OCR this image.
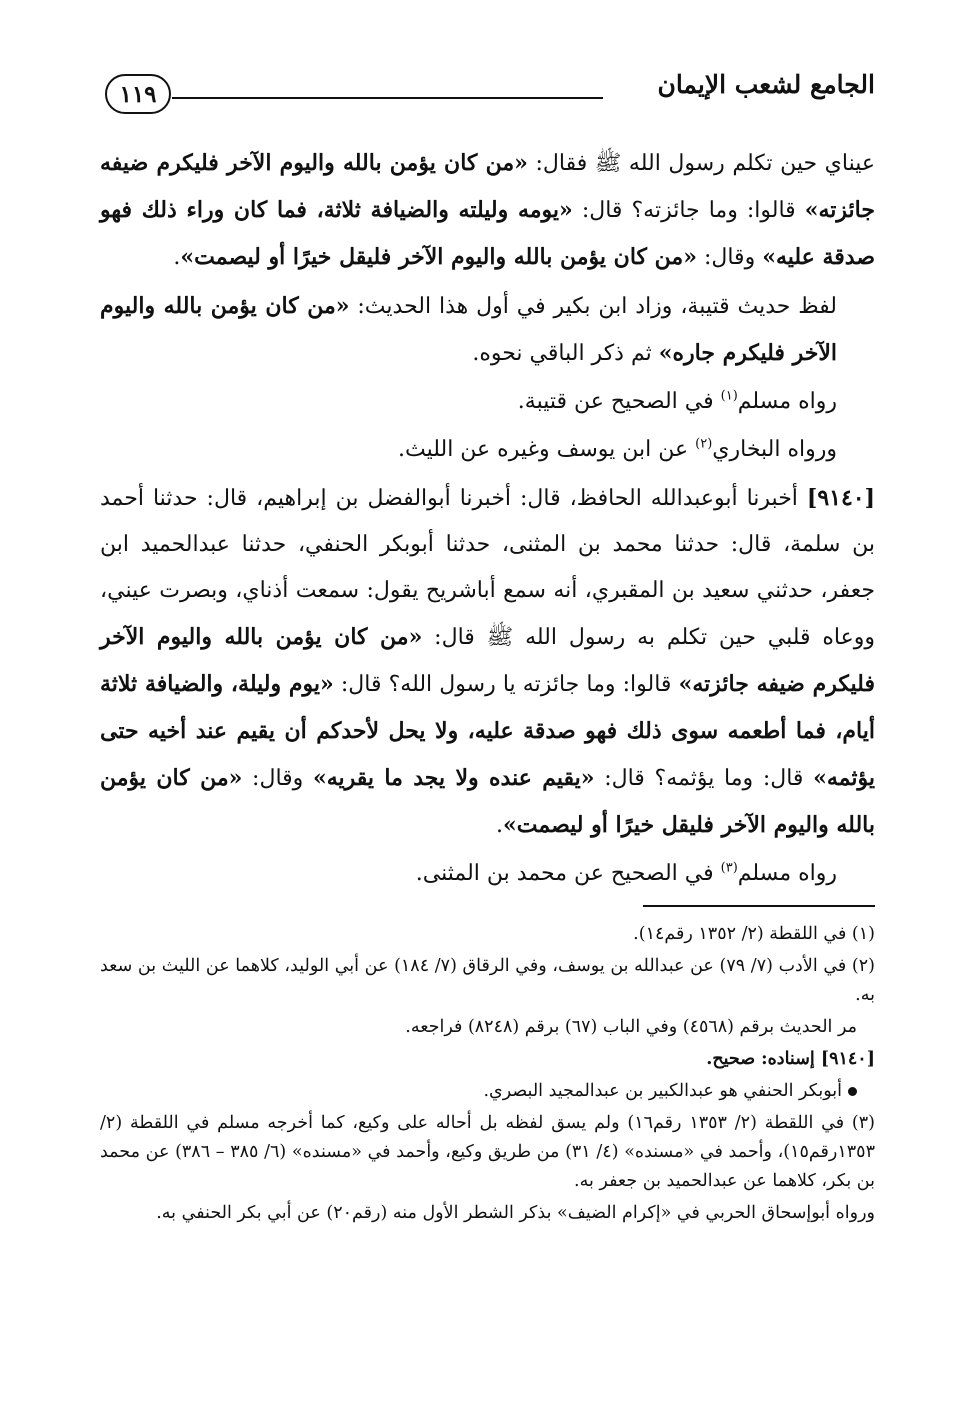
الجامع لشعب الإيمان
١١٩

عيناي حين تكلم رسول الله ﷺ فقال: «من كان يؤمن بالله واليوم الآخر فليكرم ضيفه جائزته» قالوا: وما جائزته؟ قال: «يومه وليلته والضيافة ثلاثة، فما كان وراء ذلك فهو صدقة عليه» وقال: «من كان يؤمن بالله واليوم الآخر فليقل خيرًا أو ليصمت».

لفظ حديث قتيبة، وزاد ابن بكير في أول هذا الحديث: «من كان يؤمن بالله واليوم الآخر فليكرم جاره» ثم ذكر الباقي نحوه.

رواه مسلم$^{(١)}$ في الصحيح عن قتيبة.

ورواه البخاري$^{(٢)}$ عن ابن يوسف وغيره عن الليث.

[٩١٤٠] أخبرنا أبوعبدالله الحافظ، قال: أخبرنا أبوالفضل بن إبراهيم، قال: حدثنا أحمد بن سلمة، قال: حدثنا محمد بن المثنى، حدثنا أبوبكر الحنفي، حدثنا عبدالحميد ابن جعفر، حدثني سعيد بن المقبري، أنه سمع أباشريح يقول: سمعت أذناي، وبصرت عيني، ووعاه قلبي حين تكلم به رسول الله ﷺ قال: «من كان يؤمن بالله واليوم الآخر فليكرم ضيفه جائزته» قالوا: وما جائزته يا رسول الله؟ قال: «يوم وليلة، والضيافة ثلاثة أيام، فما أطعمه سوى ذلك فهو صدقة عليه، ولا يحل لأحدكم أن يقيم عند أخيه حتى يؤثمه» قال: وما يؤثمه؟ قال: «يقيم عنده ولا يجد ما يقريه» وقال: «من كان يؤمن بالله واليوم الآخر فليقل خيرًا أو ليصمت».

رواه مسلم$^{(٣)}$ في الصحيح عن محمد بن المثنى.

(١) في اللقطة (٢/ ١٣٥٢ رقم١٤).

(٢) في الأدب (٧/ ٧٩) عن عبدالله بن يوسف، وفي الرقاق (٧/ ١٨٤) عن أبي الوليد، كلاهما عن الليث بن سعد به.

مر الحديث برقم (٤٥٦٨) وفي الباب (٦٧) برقم (٨٢٤٨) فراجعه.

[٩١٤٠] إسناده: صحيح.

أبوبكر الحنفي هو عبدالكبير بن عبدالمجيد البصري.

(٣) في اللقطة (٢/ ١٣٥٣ رقم١٦) ولم يسق لفظه بل أحاله على وكيع، كما أخرجه مسلم في اللقطة (٢/ ١٣٥٣رقم١٥)، وأحمد في «مسنده» (٤/ ٣١) من طريق وكيع، وأحمد في «مسنده» (٦/ ٣٨٥ – ٣٨٦) عن محمد بن بكر، كلاهما عن عبدالحميد بن جعفر به.

ورواه أبوإسحاق الحربي في «إكرام الضيف» بذكر الشطر الأول منه (رقم٢٠) عن أبي بكر الحنفي به.
